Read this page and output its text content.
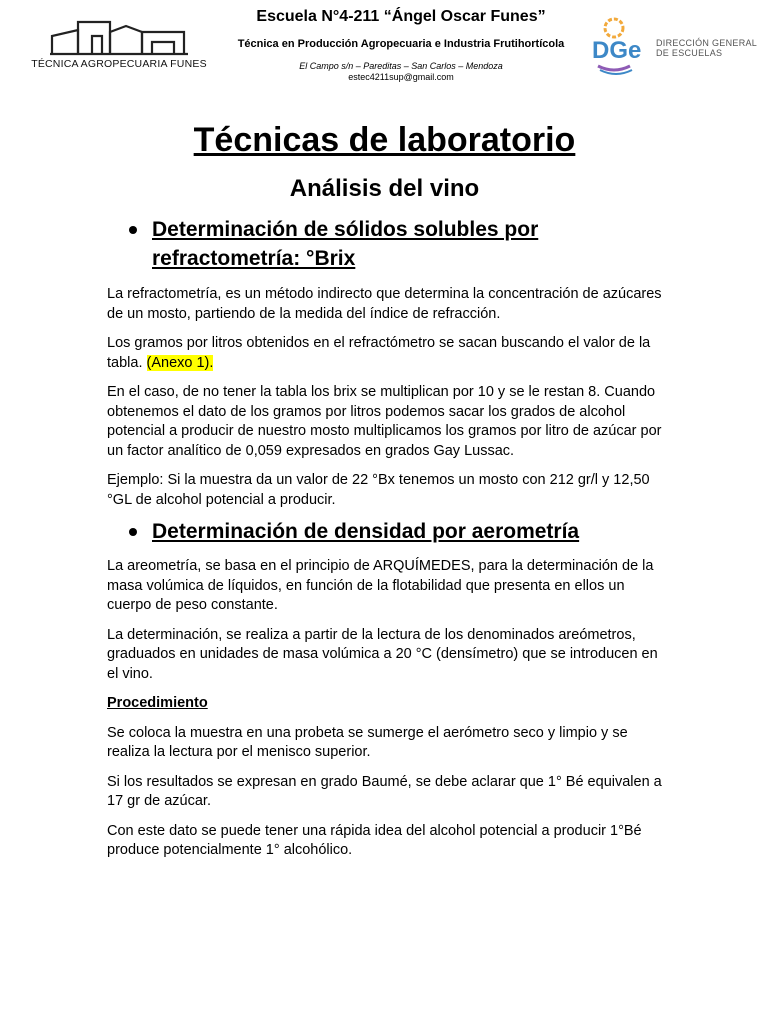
TÉCNICA AGROPECUARIA FUNES
Escuela N°4-211 “Ángel Oscar Funes”
Técnica en Producción Agropecuaria e Industria Frutihortícola
El Campo s/n – Pareditas – San Carlos – Mendoza
estec4211sup@gmail.com
DGe DIRECCIÓN GENERAL
DE ESCUELAS
Técnicas de laboratorio
Análisis del vino
Determinación de sólidos solubles por
refractometría: °Brix

La refractometría, es un método indirecto que determina la concentración de azúcares de un mosto, partiendo de la medida del índice de refracción.

Los gramos por litros obtenidos en el refractómetro se sacan buscando el valor de la tabla. (Anexo 1).

En el caso, de no tener la tabla los brix se multiplican por 10 y se le restan 8. Cuando obtenemos el dato de los gramos por litros podemos sacar los grados de alcohol potencial a producir de nuestro mosto multiplicamos los gramos por litro de azúcar por un factor analítico de 0,059 expresados en grados Gay Lussac.

Ejemplo: Si la muestra da un valor de 22 °Bx tenemos un mosto con 212 gr/l y 12,50 °GL de alcohol potencial a producir.

Determinación de densidad por aerometría

La areometría, se basa en el principio de ARQUÍMEDES, para la determinación de la masa volúmica de líquidos, en función de la flotabilidad que presenta en ellos un cuerpo de peso constante.

La determinación, se realiza a partir de la lectura de los denominados areómetros, graduados en unidades de masa volúmica a 20 °C (densímetro) que se introducen en el vino.

Procedimiento

Se coloca la muestra en una probeta se sumerge el aerómetro seco y limpio y se realiza la lectura por el menisco superior.

Si los resultados se expresan en grado Baumé, se debe aclarar que 1° Bé equivalen a 17 gr de azúcar.

Con este dato se puede tener una rápida idea del alcohol potencial a producir 1°Bé produce potencialmente 1° alcohólico.
